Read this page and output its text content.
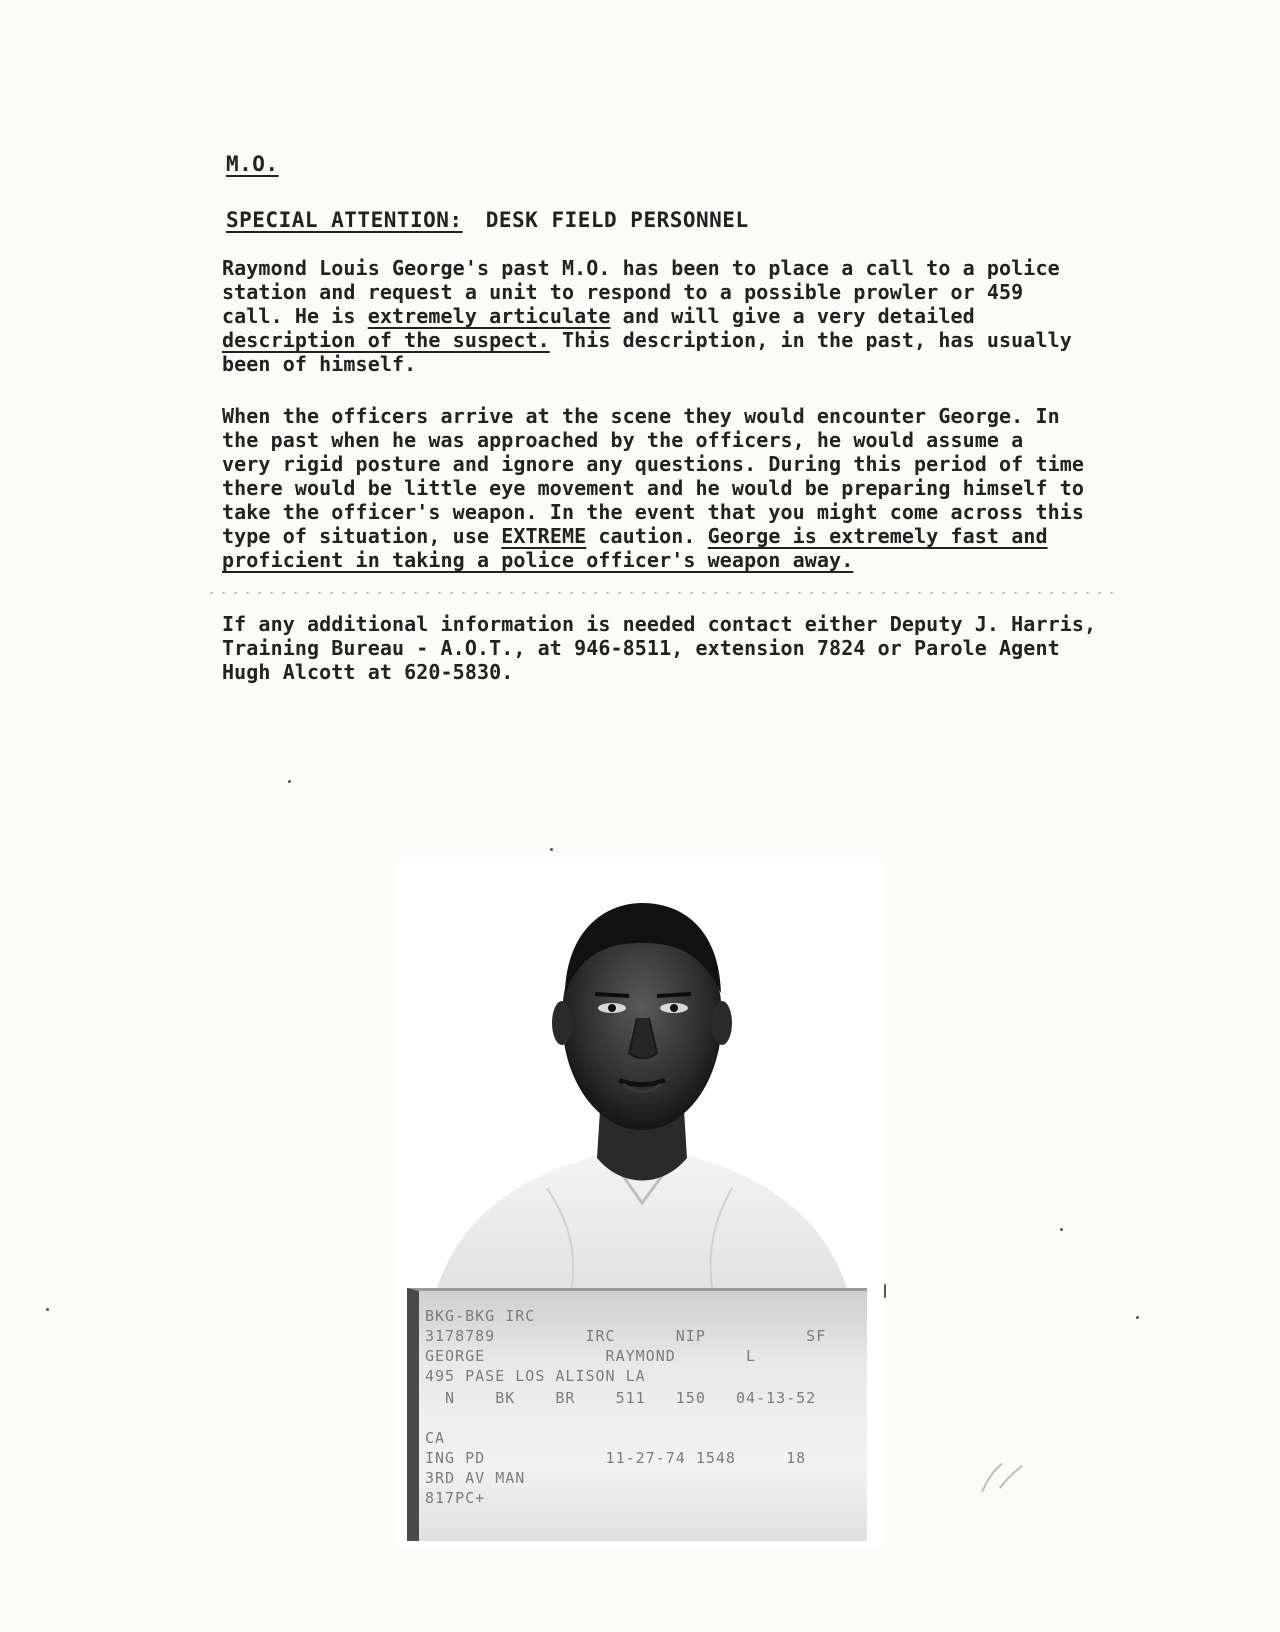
M.O.
SPECIAL ATTENTION: DESK FIELD PERSONNEL
Raymond Louis George's past M.O. has been to place a call to a police
station and request a unit to respond to a possible prowler or 459
call. He is extremely articulate and will give a very detailed
description of the suspect. This description, in the past, has usually
been of himself.
When the officers arrive at the scene they would encounter George. In
the past when he was approached by the officers, he would assume a
very rigid posture and ignore any questions. During this period of time
there would be little eye movement and he would be preparing himself to
take the officer's weapon. In the event that you might come across this
type of situation, use EXTREME caution. George is extremely fast and
proficient in taking a police officer's weapon away.
If any additional information is needed contact either Deputy J. Harris,
Training Bureau - A.O.T., at 946-8511, extension 7824 or Parole Agent
Hugh Alcott at 620-5830.
BKG-BKG IRC
3178789         IRC      NIP          SF
GEORGE            RAYMOND       L
495 PASE LOS ALISON LA
N    BK    BR    511   150   04-13-52
CA
ING PD            11-27-74 1548     18
3RD AV MAN
817PC+
